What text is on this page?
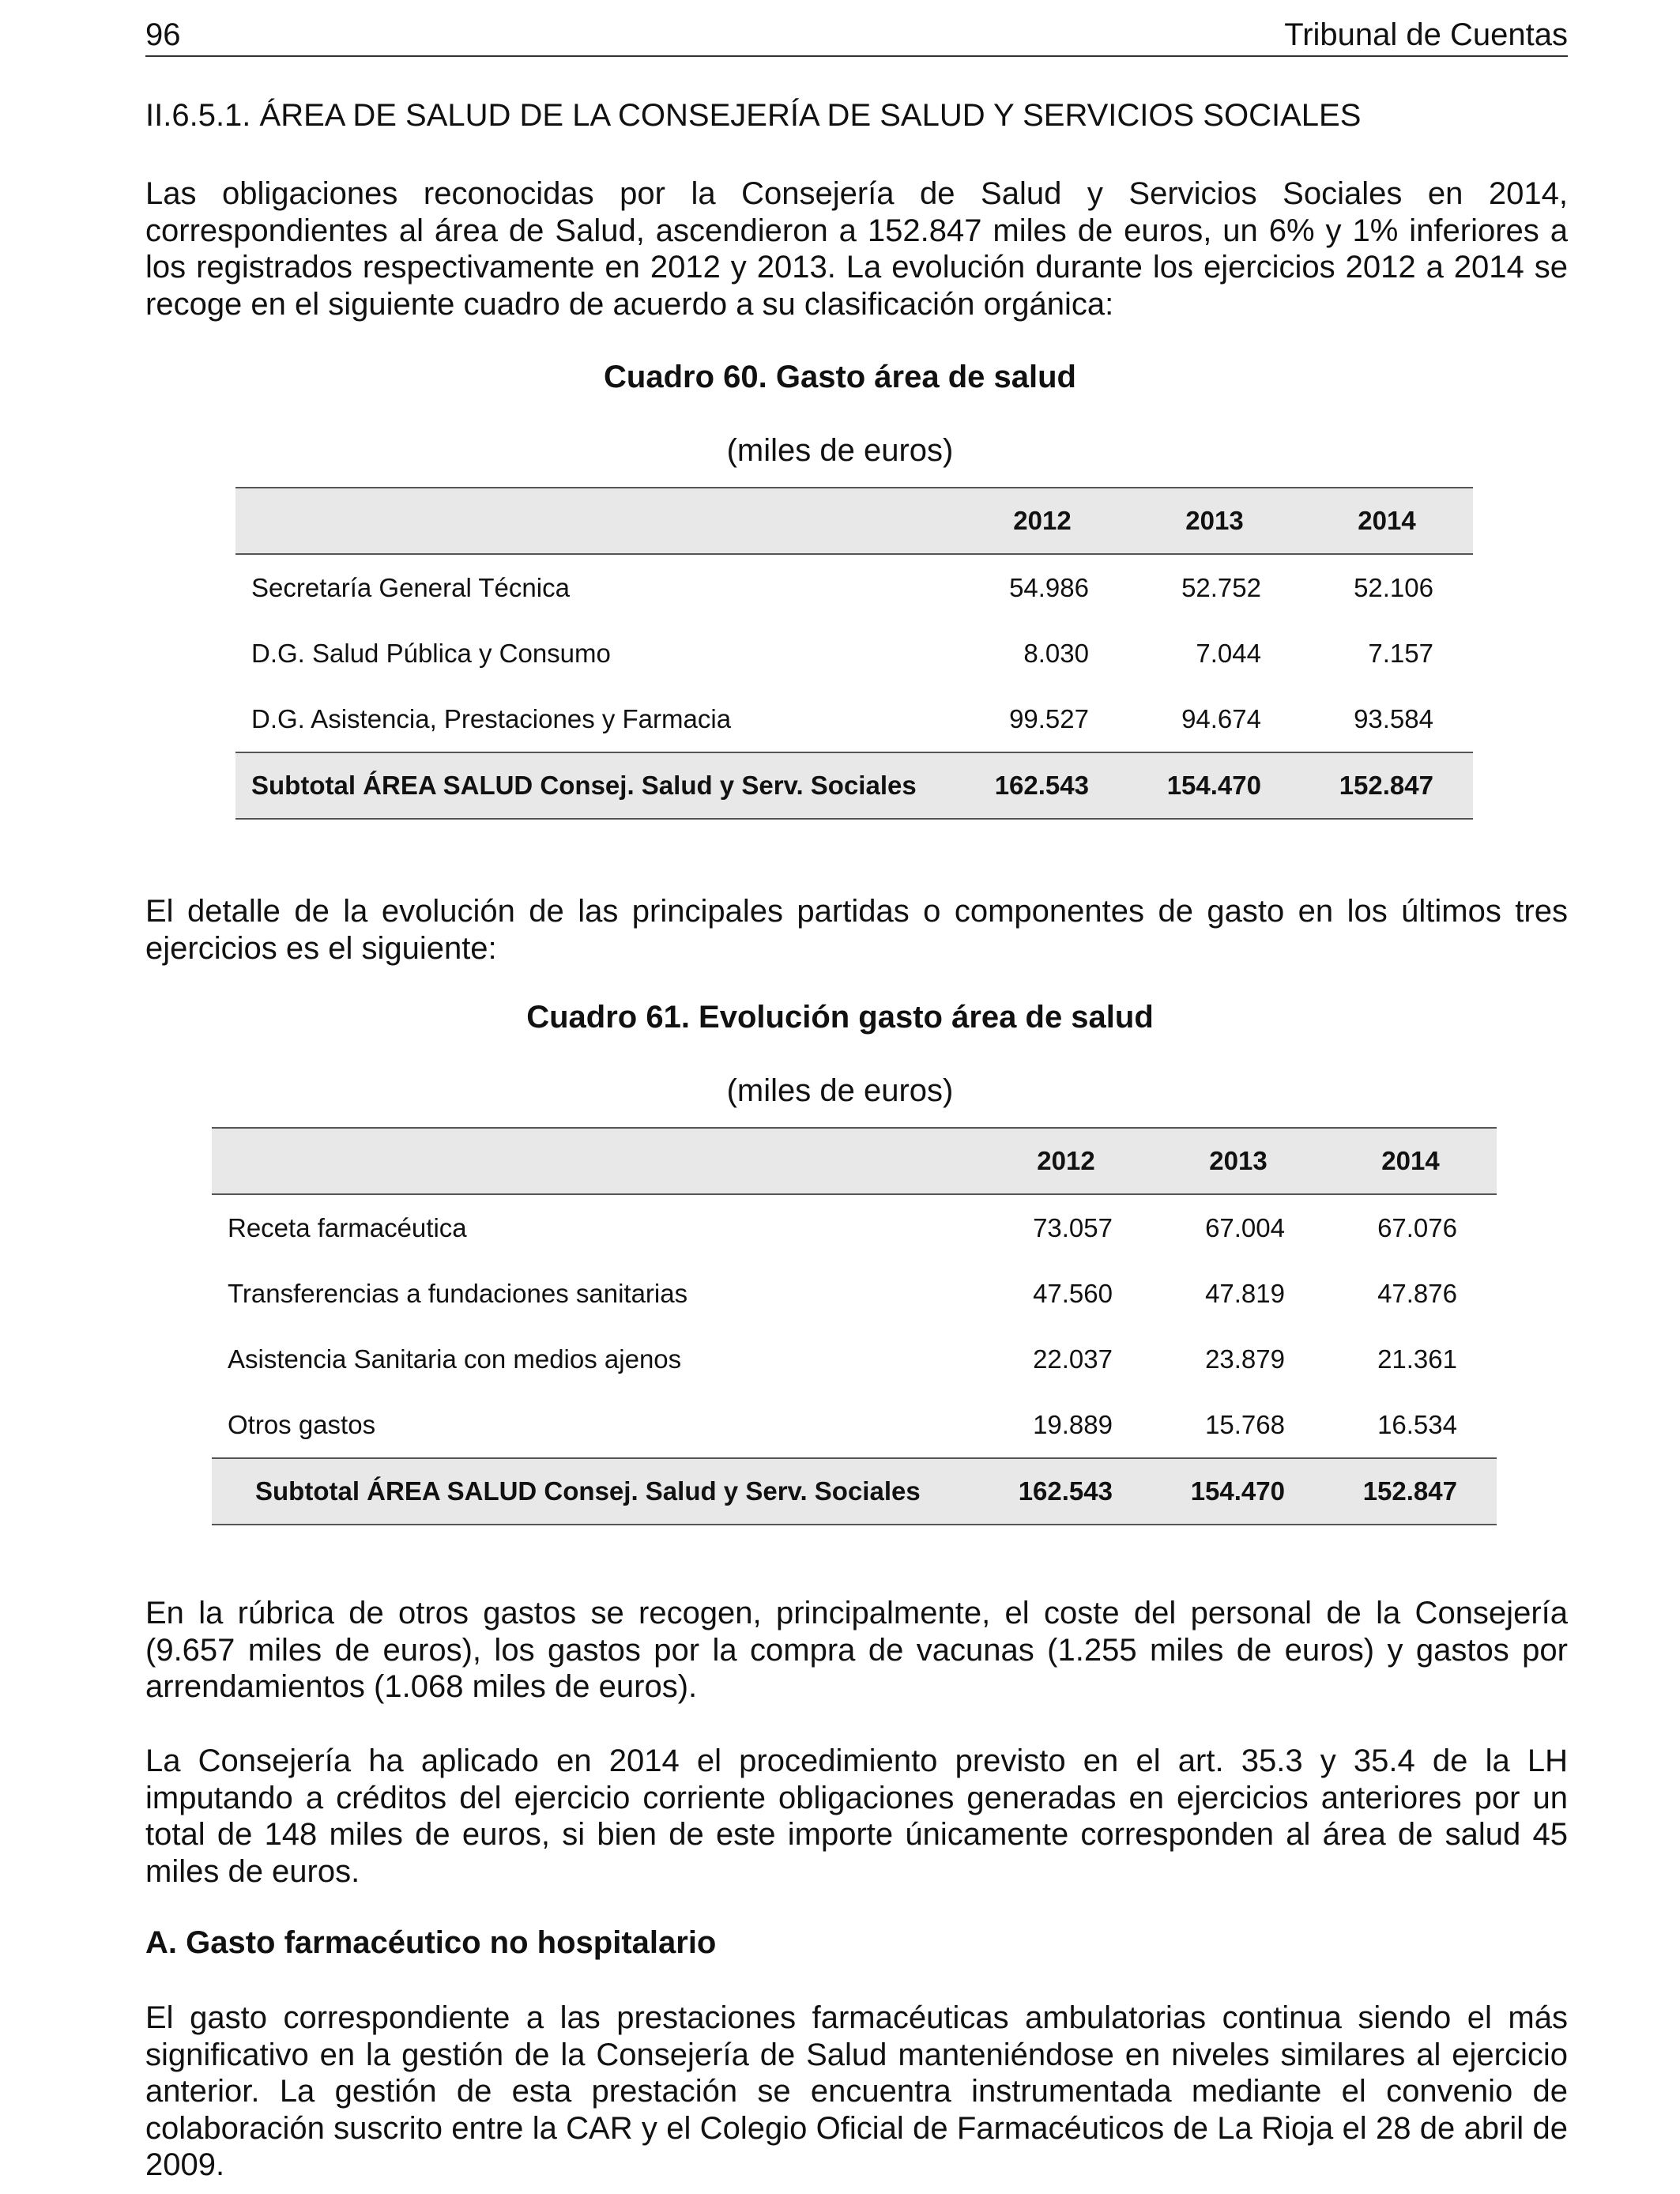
96	Tribunal de Cuentas
II.6.5.1. ÁREA DE SALUD DE LA CONSEJERÍA DE SALUD Y SERVICIOS SOCIALES
Las obligaciones reconocidas por la Consejería de Salud y Servicios Sociales en 2014, correspondientes al área de Salud, ascendieron a 152.847 miles de euros, un 6% y 1% inferiores a los registrados respectivamente en 2012 y 2013. La evolución durante los ejercicios 2012 a 2014 se recoge en el siguiente cuadro de acuerdo a su clasificación orgánica:
Cuadro 60. Gasto área de salud
(miles de euros)
	2012	2013	2014
Secretaría General Técnica	54.986	52.752	52.106
D.G. Salud Pública y Consumo	8.030	7.044	7.157
D.G. Asistencia, Prestaciones y Farmacia	99.527	94.674	93.584
Subtotal ÁREA SALUD Consej. Salud y Serv. Sociales	162.543	154.470	152.847
El detalle de la evolución de las principales partidas o componentes de gasto en los últimos tres ejercicios es el siguiente:
Cuadro 61. Evolución gasto área de salud
(miles de euros)
	2012	2013	2014
Receta farmacéutica	73.057	67.004	67.076
Transferencias a fundaciones sanitarias	47.560	47.819	47.876
Asistencia Sanitaria con medios ajenos	22.037	23.879	21.361
Otros gastos	19.889	15.768	16.534
Subtotal ÁREA SALUD Consej. Salud y Serv. Sociales	162.543	154.470	152.847
En la rúbrica de otros gastos se recogen, principalmente, el coste del personal de la Consejería (9.657 miles de euros), los gastos por la compra de vacunas (1.255 miles de euros) y gastos por arrendamientos (1.068 miles de euros).
La Consejería ha aplicado en 2014 el procedimiento previsto en el art. 35.3 y 35.4 de la LH imputando a créditos del ejercicio corriente obligaciones generadas en ejercicios anteriores por un total de 148 miles de euros, si bien de este importe únicamente corresponden al área de salud 45 miles de euros.
A. Gasto farmacéutico no hospitalario
El gasto correspondiente a las prestaciones farmacéuticas ambulatorias continua siendo el más significativo en la gestión de la Consejería de Salud manteniéndose en niveles similares al ejercicio anterior. La gestión de esta prestación se encuentra instrumentada mediante el convenio de colaboración suscrito entre la CAR y el Colegio Oficial de Farmacéuticos de La Rioja el 28 de abril de 2009.
